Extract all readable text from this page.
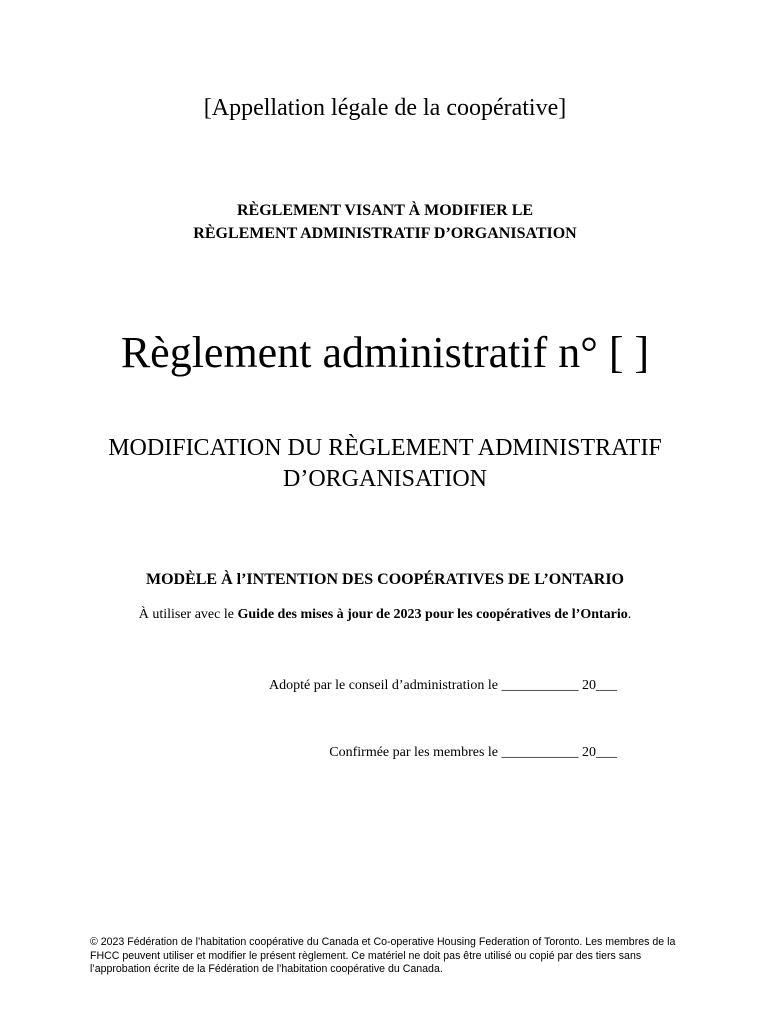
[Appellation légale de la coopérative]
RÈGLEMENT VISANT À MODIFIER LE
RÈGLEMENT ADMINISTRATIF D’ORGANISATION
Règlement administratif n° [ ]
MODIFICATION DU RÈGLEMENT ADMINISTRATIF
D’ORGANISATION
MODÈLE À l’INTENTION DES COOPÉRATIVES DE L’ONTARIO
À utiliser avec le Guide des mises à jour de 2023 pour les coopératives de l’Ontario.
Adopté par le conseil d’administration le ___________ 20___
Confirmée par les membres le ___________ 20___
© 2023 Fédération de l’habitation coopérative du Canada et Co-operative Housing Federation of Toronto. Les membres de la FHCC peuvent utiliser et modifier le présent règlement. Ce matériel ne doit pas être utilisé ou copié par des tiers sans l’approbation écrite de la Fédération de l’habitation coopérative du Canada.
